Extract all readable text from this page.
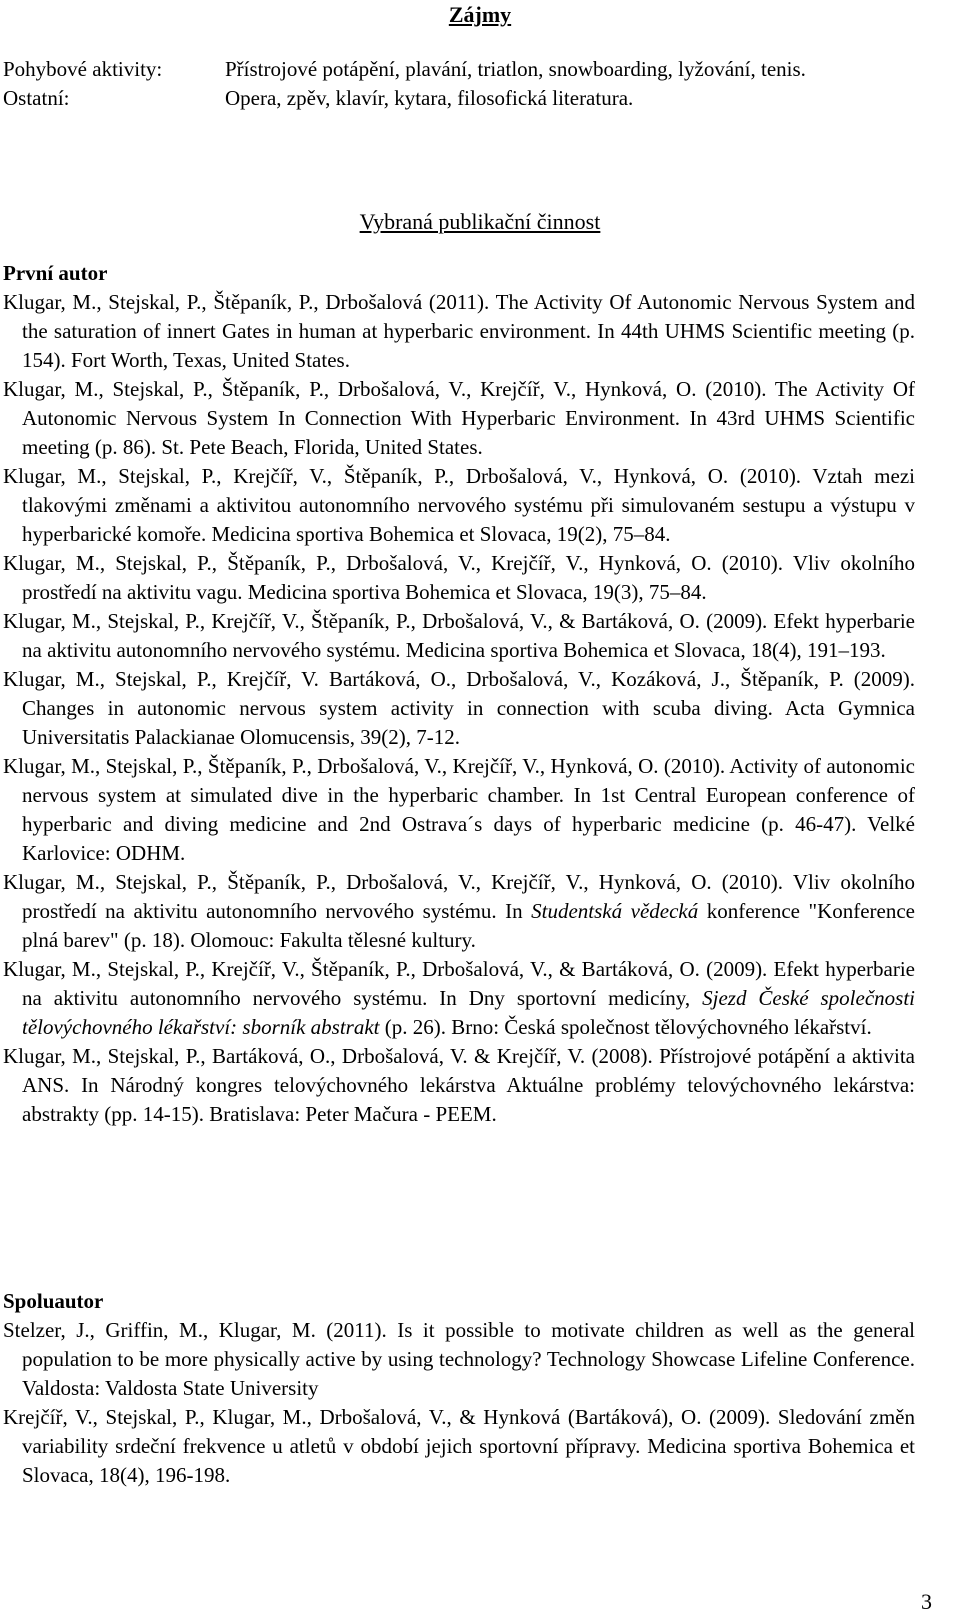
Zájmy
Pohybové aktivity:	Přístrojové potápění, plavání, triatlon, snowboarding, lyžování, tenis.
Ostatní:	Opera, zpěv, klavír, kytara, filosofická literatura.
Vybraná publikační činnost
První autor

Klugar, M., Stejskal, P., Štěpaník, P., Drbošalová (2011). The Activity Of Autonomic Nervous System and the saturation of innert Gates in human at hyperbaric environment. In 44th UHMS Scientific meeting (p. 154). Fort Worth, Texas, United States.

Klugar, M., Stejskal, P., Štěpaník, P., Drbošalová, V., Krejčíř, V., Hynková, O. (2010). The Activity Of Autonomic Nervous System In Connection With Hyperbaric Environment. In 43rd UHMS Scientific meeting (p. 86). St. Pete Beach, Florida, United States.

Klugar, M., Stejskal, P., Krejčíř, V., Štěpaník, P., Drbošalová, V., Hynková, O. (2010). Vztah mezi tlakovými změnami a aktivitou autonomního nervového systému při simulovaném sestupu a výstupu v hyperbarické komoře. Medicina sportiva Bohemica et Slovaca, 19(2), 75–84.

Klugar, M., Stejskal, P., Štěpaník, P., Drbošalová, V., Krejčíř, V., Hynková, O. (2010). Vliv okolního prostředí na aktivitu vagu. Medicina sportiva Bohemica et Slovaca, 19(3), 75–84.

Klugar, M., Stejskal, P., Krejčíř, V., Štěpaník, P., Drbošalová, V., & Bartáková, O. (2009). Efekt hyperbarie na aktivitu autonomního nervového systému. Medicina sportiva Bohemica et Slovaca, 18(4), 191–193.

Klugar, M., Stejskal, P., Krejčíř, V. Bartáková, O., Drbošalová, V., Kozáková, J., Štěpaník, P. (2009). Changes in autonomic nervous system activity in connection with scuba diving. Acta Gymnica Universitatis Palackianae Olomucensis, 39(2), 7-12.

Klugar, M., Stejskal, P., Štěpaník, P., Drbošalová, V., Krejčíř, V., Hynková, O. (2010). Activity of autonomic nervous system at simulated dive in the hyperbaric chamber. In 1st Central European conference of hyperbaric and diving medicine and 2nd Ostrava´s days of hyperbaric medicine (p. 46-47). Velké Karlovice: ODHM.

Klugar, M., Stejskal, P., Štěpaník, P., Drbošalová, V., Krejčíř, V., Hynková, O. (2010). Vliv okolního prostředí na aktivitu autonomního nervového systému. In Studentská vědecká konference "Konference plná barev" (p. 18). Olomouc: Fakulta tělesné kultury.

Klugar, M., Stejskal, P., Krejčíř, V., Štěpaník, P., Drbošalová, V., & Bartáková, O. (2009). Efekt hyperbarie na aktivitu autonomního nervového systému. In Dny sportovní medicíny, Sjezd České společnosti tělovýchovného lékařství: sborník abstrakt (p. 26). Brno: Česká společnost tělovýchovného lékařství.

Klugar, M., Stejskal, P., Bartáková, O., Drbošalová, V. & Krejčíř, V. (2008). Přístrojové potápění a aktivita ANS. In Národný kongres telovýchovného lekárstva Aktuálne problémy telovýchovného lekárstva: abstrakty (pp. 14-15). Bratislava: Peter Mačura - PEEM.

Spoluautor

Stelzer, J., Griffin, M., Klugar, M. (2011). Is it possible to motivate children as well as the general population to be more physically active by using technology? Technology Showcase Lifeline Conference. Valdosta: Valdosta State University

Krejčíř, V., Stejskal, P., Klugar, M., Drbošalová, V., & Hynková (Bartáková), O. (2009). Sledování změn variability srdeční frekvence u atletů v období jejich sportovní přípravy. Medicina sportiva Bohemica et Slovaca, 18(4), 196-198.

3
